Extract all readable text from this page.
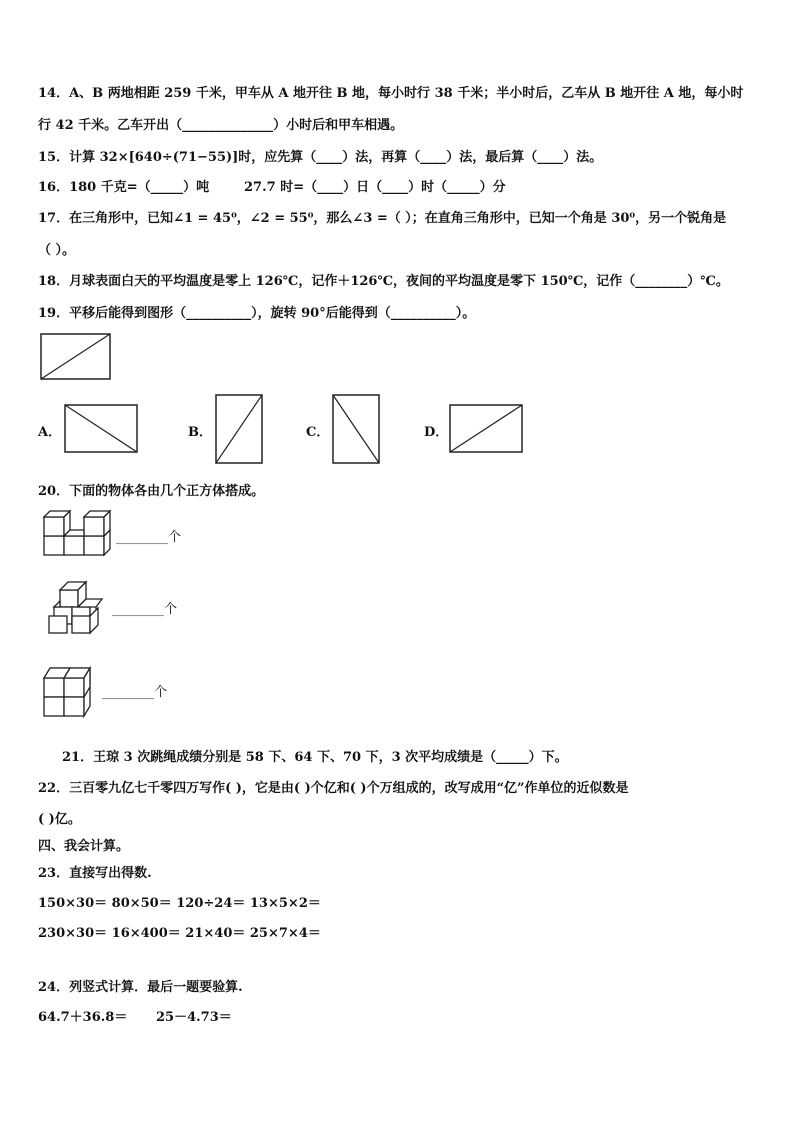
14．A、B 两地相距 259 千米，甲车从 A 地开往 B 地，每小时行 38 千米；半小时后，乙车从 B 地开往 A 地，每小时
行 42 千米。乙车开出（______________）小时后和甲车相遇。
15．计算 32×[640÷(71−55)]时，应先算（____）法，再算（____）法，最后算（____）法。
16．180 千克=（_____）吨	27.7 时=（____）日（____）时（_____）分
17．在三角形中，已知∠1 = 45⁰，∠2 = 55⁰，那么∠3 =（ ）；在直角三角形中，已知一个角是 30⁰，另一个锐角是
（ ）。
18．月球表面白天的平均温度是零上 126℃，记作＋126℃，夜间的平均温度是零下 150℃，记作（________）℃。
19．平移后能得到图形（__________），旋转 90°后能得到（__________）。
A．	B．	C．	D．
20．下面的物体各由几个正方体搭成。
________个
________个
________个
21．王琼 3 次跳绳成绩分别是 58 下、64 下、70 下，3 次平均成绩是（_____）下。
22．三百零九亿七千零四万写作( )，它是由( )个亿和( )个万组成的，改写成用“亿”作单位的近似数是
( )亿。
四、我会计算。
23．直接写出得数.
150×30＝ 80×50＝ 120÷24＝ 13×5×2＝
230×30＝ 16×400＝ 21×40＝ 25×7×4＝
24．列竖式计算．最后一题要验算.
64.7＋36.8＝ 25－4.73＝
